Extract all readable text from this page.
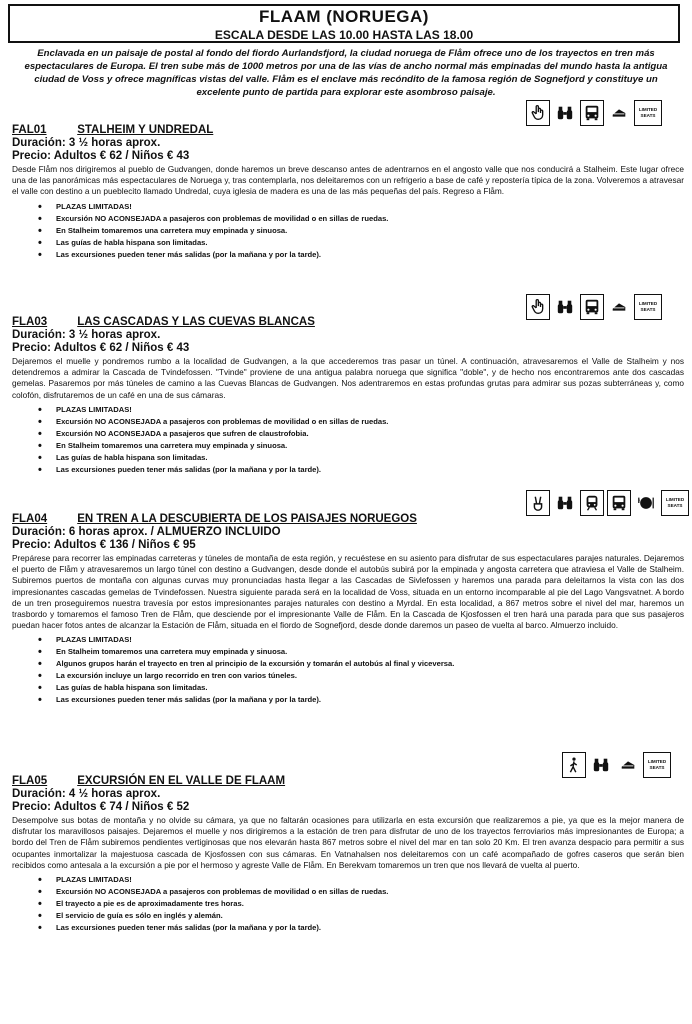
FLAAM (NORUEGA)
ESCALA DESDE LAS 10.00 HASTA LAS 18.00
Enclavada en un paisaje de postal al fondo del fiordo Aurlandsfjord, la ciudad noruega de Flåm ofrece uno de los trayectos en tren más espectaculares de Europa. El tren sube más de 1000 metros por una de las vías de ancho normal más empinadas del mundo hasta la antigua ciudad de Voss y ofrece magníficas vistas del valle. Flåm es el enclave más recóndito de la famosa región de Sognefjord y constituye un excelente punto de partida para explorar este asombroso paisaje.
LIMITED SEATS
FAL01	STALHEIM Y UNDREDAL
Duración: 3 ½ horas aprox.
Precio: Adultos € 62 / Niños € 43
Desde Flåm nos dirigiremos al pueblo de Gudvangen, donde haremos un breve descanso antes de adentrarnos en el angosto valle que nos conducirá a Stalheim. Este lugar ofrece una de las panorámicas más espectaculares de Noruega y, tras contemplarla, nos deleitaremos con un refrigerio a base de café y repostería típica de la zona. Volveremos a atravesar el valle con destino a un pueblecito llamado Undredal, cuya iglesia de madera es una de las más pequeñas del país. Regreso a Flåm.
• PLAZAS LIMITADAS!
• Excursión NO ACONSEJADA a pasajeros con problemas de movilidad o en sillas de ruedas.
• En Stalheim tomaremos una carretera muy empinada y sinuosa.
• Las guías de habla hispana son limitadas.
• Las excursiones pueden tener más salidas (por la mañana y por la tarde).
LIMITED SEATS
FLA03	LAS CASCADAS Y LAS CUEVAS BLANCAS
Duración: 3 ½ horas aprox.
Precio: Adultos € 62 / Niños € 43
Dejaremos el muelle y pondremos rumbo a la localidad de Gudvangen, a la que accederemos tras pasar un túnel. A continuación, atravesaremos el Valle de Stalheim y nos detendremos a admirar la Cascada de Tvindefossen. "Tvinde" proviene de una antigua palabra noruega que significa "doble", y de hecho nos encontraremos ante dos cascadas gemelas. Pasaremos por más túneles de camino a las Cuevas Blancas de Gudvangen. Nos adentraremos en estas profundas grutas para admirar sus pozas subterráneas y, como colofón, disfrutaremos de un café en una de sus cámaras.
• PLAZAS LIMITADAS!
• Excursión NO ACONSEJADA a pasajeros con problemas de movilidad o en sillas de ruedas.
• Excursión NO ACONSEJADA a pasajeros que sufren de claustrofobia.
• En Stalheim tomaremos una carretera muy empinada y sinuosa.
• Las guías de habla hispana son limitadas.
• Las excursiones pueden tener más salidas (por la mañana y por la tarde).
LIMITED SEATS
FLA04	EN TREN A LA DESCUBIERTA DE LOS PAISAJES NORUEGOS
Duración: 6 horas aprox. / ALMUERZO INCLUIDO
Precio: Adultos € 136 / Niños € 95
Prepárese para recorrer las empinadas carreteras y túneles de montaña de esta región, y recuéstese en su asiento para disfrutar de sus espectaculares parajes naturales. Dejaremos el puerto de Flåm y atravesaremos un largo túnel con destino a Gudvangen, desde donde el autobús subirá por la empinada y angosta carretera que atraviesa el Valle de Stalheim. Subiremos puertos de montaña con algunas curvas muy pronunciadas hasta llegar a las Cascadas de Sivlefossen y haremos una parada para deleitarnos la vista con las dos impresionantes cascadas gemelas de Tvindefossen. Nuestra siguiente parada será en la localidad de Voss, situada en un entorno incomparable al pie del Lago Vangsvatnet. A bordo de un tren proseguiremos nuestra travesía por estos impresionantes parajes naturales con destino a Myrdal. En esta localidad, a 867 metros sobre el nivel del mar, haremos un trasbordo y tomaremos el famoso Tren de Flåm, que desciende por el impresionante Valle de Flåm. En la Cascada de Kjosfossen el tren hará una parada para que sus pasajeros puedan hacer fotos antes de alcanzar la Estación de Flåm, situada en el fiordo de Sognefjord, desde donde daremos un paseo de vuelta al barco. Almuerzo incluido.
• PLAZAS LIMITADAS!
• En Stalheim tomaremos una carretera muy empinada y sinuosa.
• Algunos grupos harán el trayecto en tren al principio de la excursión y tomarán el autobús al final y viceversa.
• La excursión incluye un largo recorrido en tren con varios túneles.
• Las guías de habla hispana son limitadas.
• Las excursiones pueden tener más salidas (por la mañana y por la tarde).
LIMITED SEATS
FLA05	EXCURSIÓN EN EL VALLE DE FLAAM
Duración: 4 ½ horas aprox.
Precio: Adultos € 74 / Niños € 52
Desempolve sus botas de montaña y no olvide su cámara, ya que no faltarán ocasiones para utilizarla en esta excursión que realizaremos a pie, ya que es la mejor manera de disfrutar los maravillosos paisajes. Dejaremos el muelle y nos dirigiremos a la estación de tren para disfrutar de uno de los trayectos ferroviarios más impresionantes de Europa; a bordo del Tren de Flåm subiremos pendientes vertiginosas que nos elevarán hasta 867 metros sobre el nivel del mar en tan solo 20 Km. El tren avanza despacio para permitir a sus ocupantes inmortalizar la majestuosa cascada de Kjosfossen con sus cámaras. En Vatnahalsen nos deleitaremos con un café acompañado de gofres caseros que serán bien recibidos como antesala a la excursión a pie por el hermoso y agreste Valle de Flåm. En Berekvam tomaremos un tren que nos llevará de vuelta al puerto.
• PLAZAS LIMITADAS!
• Excursión NO ACONSEJADA a pasajeros con problemas de movilidad o en sillas de ruedas.
• El trayecto a pie es de aproximadamente tres horas.
• El servicio de guía es sólo en inglés y alemán.
• Las excursiones pueden tener más salidas (por la mañana y por la tarde).
